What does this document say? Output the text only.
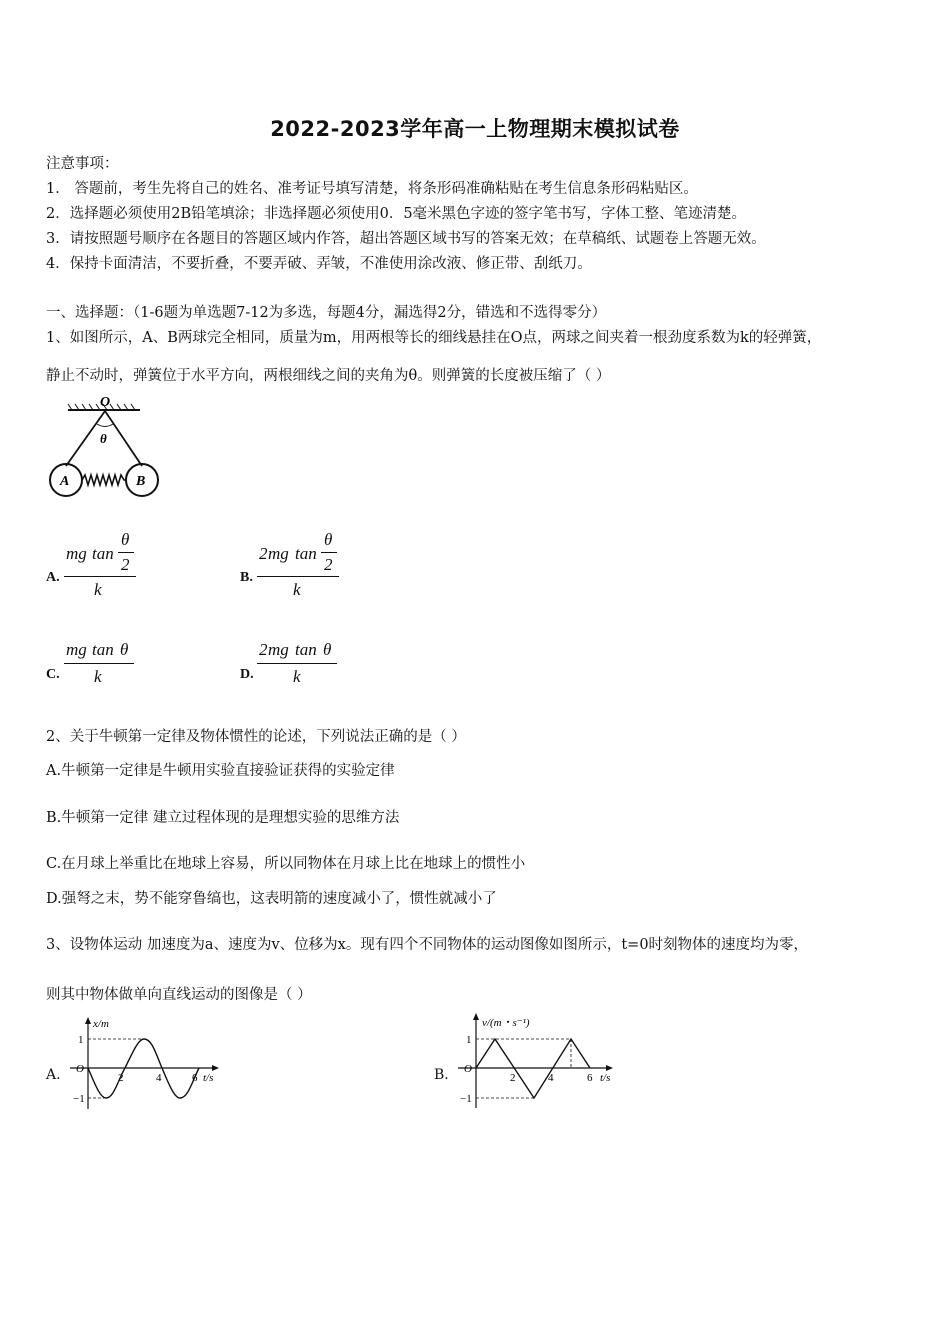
2022-2023学年高一上物理期末模拟试卷
注意事项：
1． 答题前，考生先将自己的姓名、准考证号填写清楚，将条形码准确粘贴在考生信息条形码粘贴区。
2．选择题必须使用2B铅笔填涂；非选择题必须使用0．5毫米黑色字迹的签字笔书写，字体工整、笔迹清楚。
3．请按照题号顺序在各题目的答题区域内作答，超出答题区域书写的答案无效；在草稿纸、试题卷上答题无效。
4．保持卡面清洁，不要折叠，不要弄破、弄皱，不准使用涂改液、修正带、刮纸刀。
一、选择题：（1-6题为单选题7-12为多选，每题4分，漏选得2分，错选和不选得零分）
1、如图所示，A、B两球完全相同，质量为m，用两根等长的细线悬挂在O点，两球之间夹着一根劲度系数为k的轻弹簧，
静止不动时，弹簧位于水平方向，两根细线之间的夹角为θ。则弹簧的长度被压缩了（ ）
O
θ
A	B
A.
mg tan
θ
2
k
B.
2 mg tan
θ
2
k
C.
mg tan θ
k	D.
2 mg tan θ
k
2、关于牛顿第一定律及物体惯性的论述，下列说法正确的是（ ）
A.牛顿第一定律是牛顿用实验直接验证获得的实验定律
B.牛顿第一定律 建立过程体现的是理想实验的思维方法
C.在月球上举重比在地球上容易，所以同物体在月球上比在地球上的惯性小
D.强弩之末，势不能穿鲁缟也，这表明箭的速度减小了，惯性就减小了
3、设物体运动 加速度为a、速度为v、位移为x。现有四个不同物体的运动图像如图所示，t=0时刻物体的速度均为零，
则其中物体做单向直线运动的图像是（ ）
A.
x/m
t/s
O
1
−1
2	4	6	B.
v/(m・s⁻¹)
t/s
O
1
−1
2	4	6
